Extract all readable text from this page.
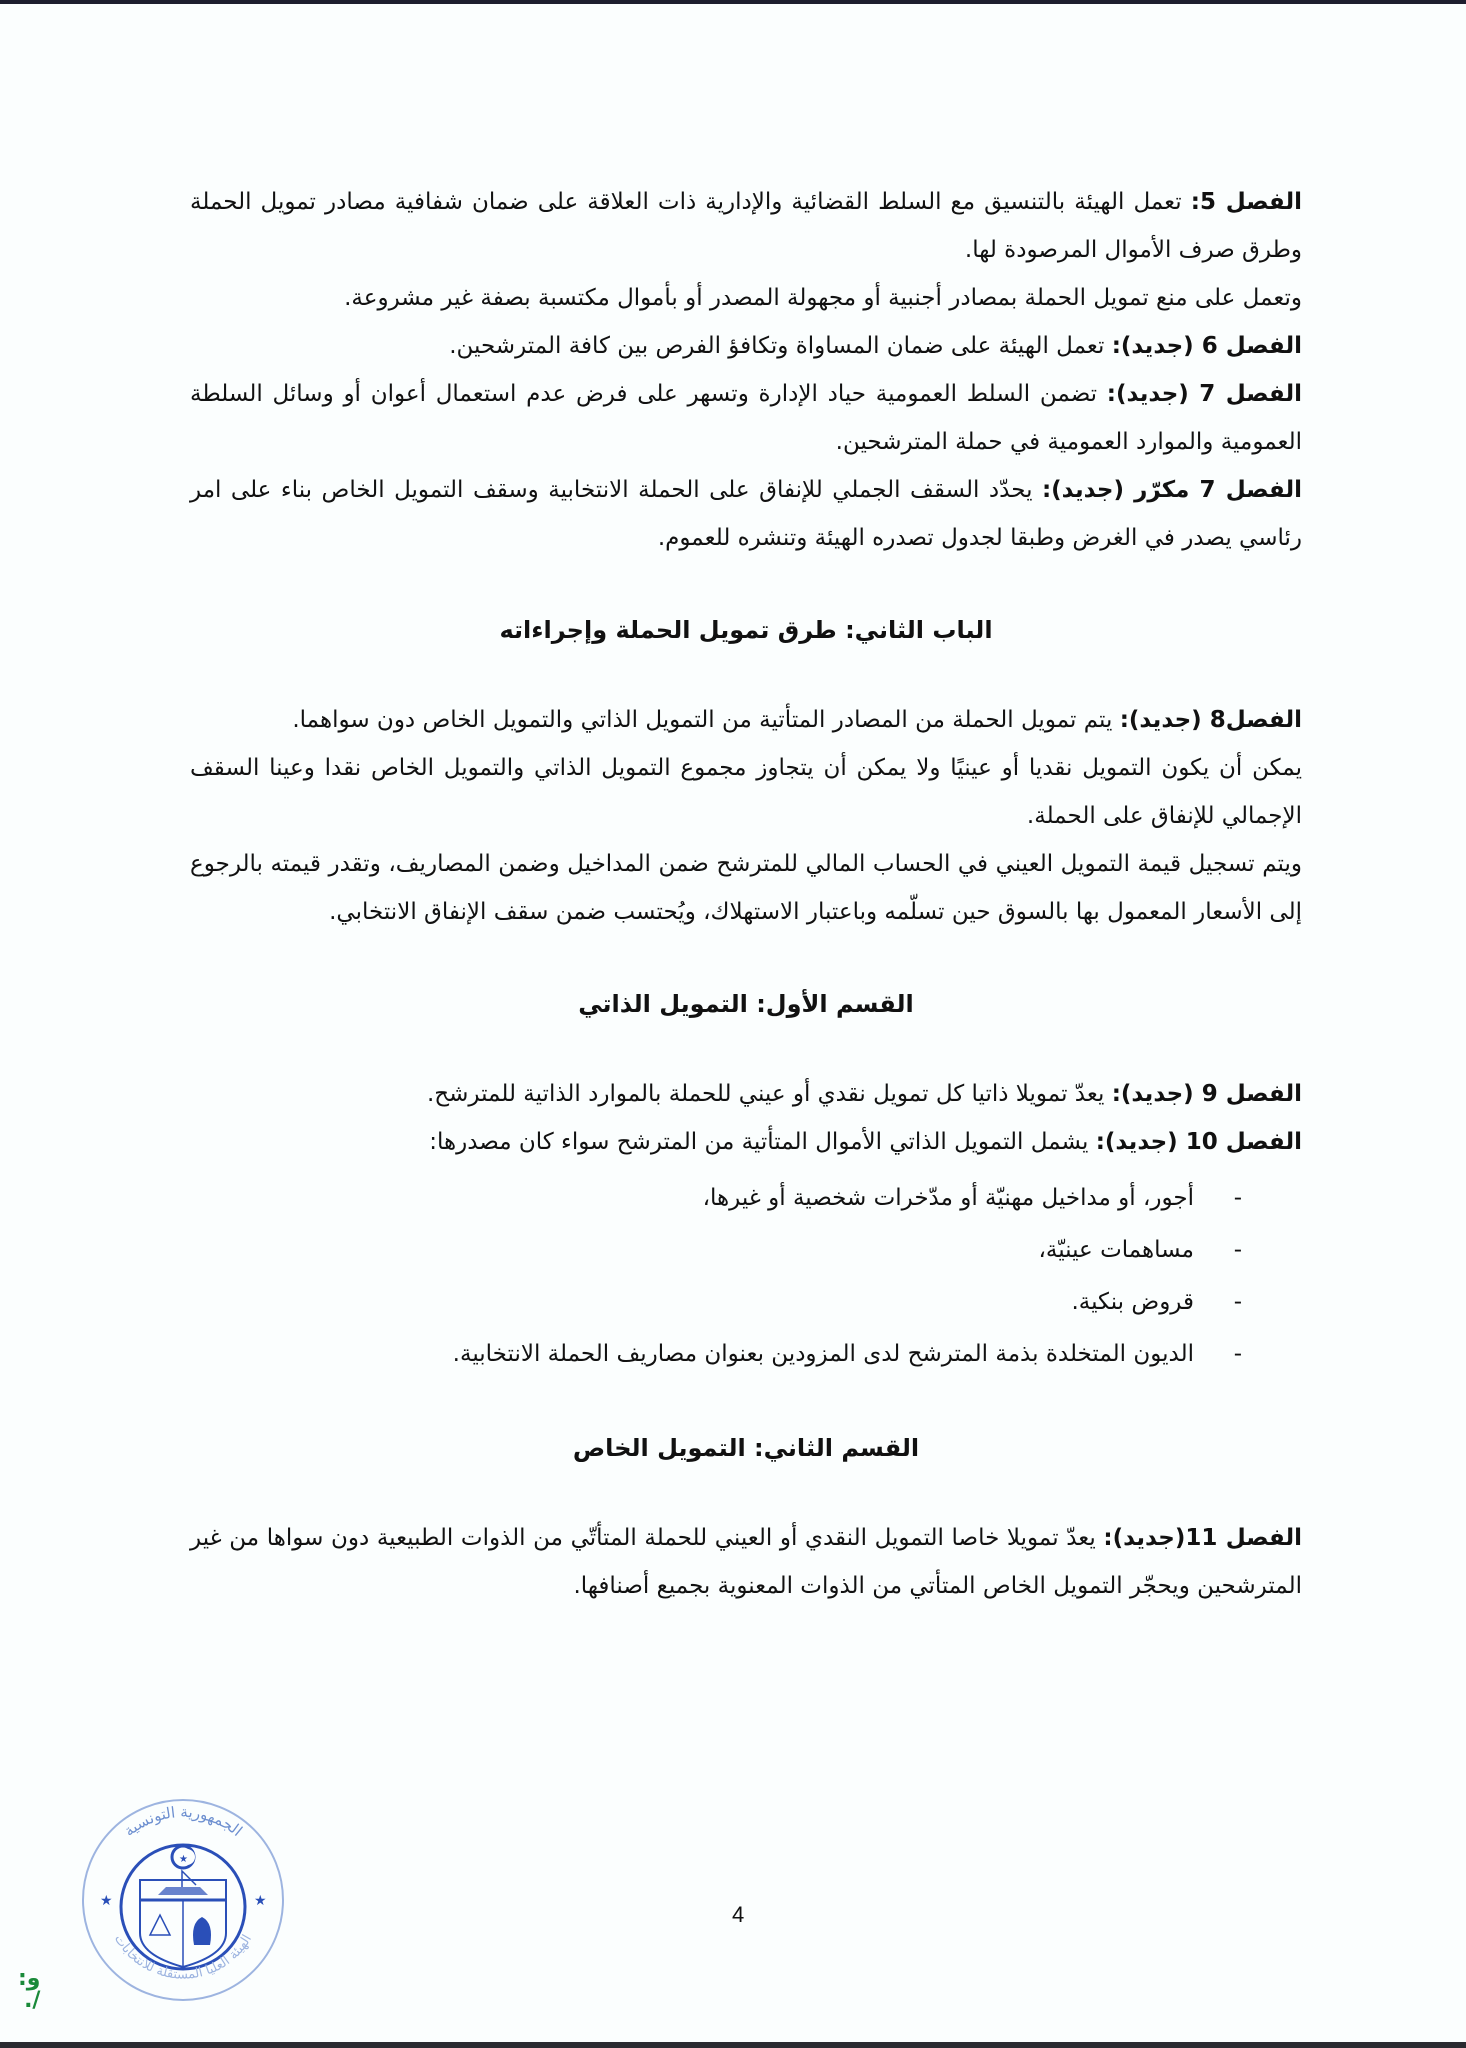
الفصل 5: تعمل الهيئة بالتنسيق مع السلط القضائية والإدارية ذات العلاقة على ضمان شفافية مصادر تمويل الحملة وطرق صرف الأموال المرصودة لها.

وتعمل على منع تمويل الحملة بمصادر أجنبية أو مجهولة المصدر أو بأموال مكتسبة بصفة غير مشروعة.

الفصل 6 (جديد): تعمل الهيئة على ضمان المساواة وتكافؤ الفرص بين كافة المترشحين.

الفصل 7 (جديد): تضمن السلط العمومية حياد الإدارة وتسهر على فرض عدم استعمال أعوان أو وسائل السلطة العمومية والموارد العمومية في حملة المترشحين.

الفصل 7 مكرّر (جديد): يحدّد السقف الجملي للإنفاق على الحملة الانتخابية وسقف التمويل الخاص بناء على امر رئاسي يصدر في الغرض وطبقا لجدول تصدره الهيئة وتنشره للعموم.

الباب الثاني: طرق تمويل الحملة وإجراءاته

الفصل8 (جديد): يتم تمويل الحملة من المصادر المتأتية من التمويل الذاتي والتمويل الخاص دون سواهما.

يمكن أن يكون التمويل نقديا أو عينيًا ولا يمكن أن يتجاوز مجموع التمويل الذاتي والتمويل الخاص نقدا وعينا السقف الإجمالي للإنفاق على الحملة.

ويتم تسجيل قيمة التمويل العيني في الحساب المالي للمترشح ضمن المداخيل وضمن المصاريف، وتقدر قيمته بالرجوع إلى الأسعار المعمول بها بالسوق حين تسلّمه وباعتبار الاستهلاك، ويُحتسب ضمن سقف الإنفاق الانتخابي.

القسم الأول: التمويل الذاتي

الفصل 9 (جديد): يعدّ تمويلا ذاتيا كل تمويل نقدي أو عيني للحملة بالموارد الذاتية للمترشح.

الفصل 10 (جديد): يشمل التمويل الذاتي الأموال المتأتية من المترشح سواء كان مصدرها:

-
أجور، أو مداخيل مهنيّة أو مدّخرات شخصية أو غيرها،
-
مساهمات عينيّة،
-
قروض بنكية.
-
الديون المتخلدة بذمة المترشح لدى المزودين بعنوان مصاريف الحملة الانتخابية.
القسم الثاني: التمويل الخاص

الفصل 11(جديد): يعدّ تمويلا خاصا التمويل النقدي أو العيني للحملة المتأتّي من الذوات الطبيعية دون سواها من غير المترشحين ويحجّر التمويل الخاص المتأتي من الذوات المعنوية بجميع أصنافها.

4
الجمهورية التونسية
الهيئة العليا المستقلة للانتخابات
★	★
★
و:
/.
